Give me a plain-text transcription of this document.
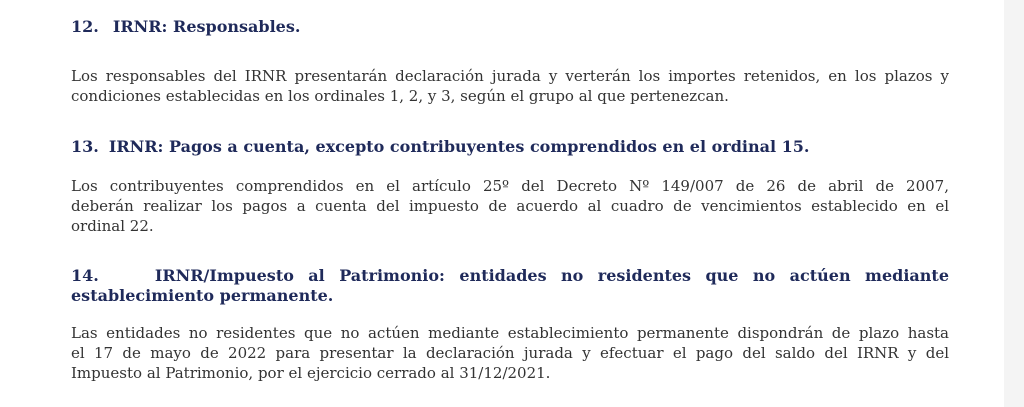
12. IRNR: Responsables.
Los responsables del IRNR presentarán declaración jurada y verterán los importes retenidos, en los plazos y
condiciones establecidas en los ordinales 1, 2, y 3, según el grupo al que pertenezcan.
13. IRNR: Pagos a cuenta, excepto contribuyentes comprendidos en el ordinal 15.
Los contribuyentes comprendidos en el artículo 25º del Decreto Nº 149/007 de 26 de abril de 2007,
deberán realizar los pagos a cuenta del impuesto de acuerdo al cuadro de vencimientos establecido en el
ordinal 22.
14.	IRNR/Impuesto al Patrimonio: entidades no residentes que no actúen mediante
establecimiento permanente.
Las entidades no residentes que no actúen mediante establecimiento permanente dispondrán de plazo hasta
el 17 de mayo de 2022 para presentar la declaración jurada y efectuar el pago del saldo del IRNR y del
Impuesto al Patrimonio, por el ejercicio cerrado al 31/12/2021.
